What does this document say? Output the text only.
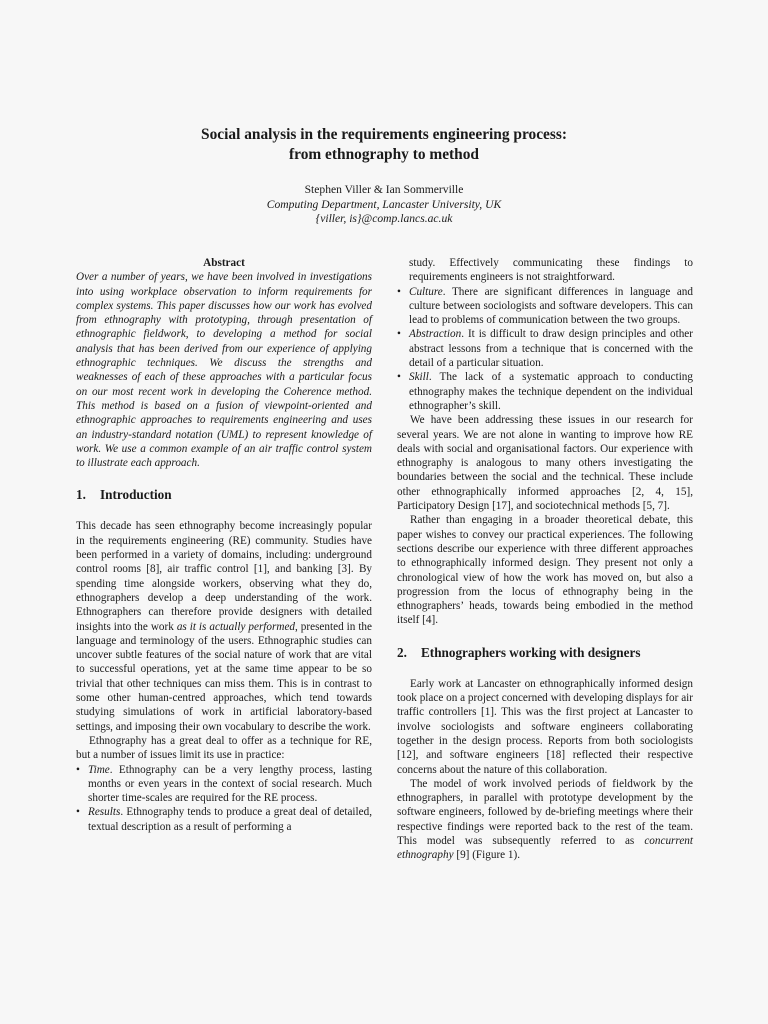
Social analysis in the requirements engineering process:
from ethnography to method
Stephen Viller & Ian Sommerville
Computing Department, Lancaster University, UK
{viller, is}@comp.lancs.ac.uk
Abstract

Over a number of years, we have been involved in investigations into using workplace observation to inform requirements for complex systems. This paper discusses how our work has evolved from ethnography with prototyping, through presentation of ethnographic fieldwork, to developing a method for social analysis that has been derived from our experience of applying ethnographic techniques. We discuss the strengths and weaknesses of each of these approaches with a particular focus on our most recent work in developing the Coherence method. This method is based on a fusion of viewpoint-oriented and ethnographic approaches to requirements engineering and uses an industry-standard notation (UML) to represent knowledge of work. We use a common example of an air traffic control system to illustrate each approach.

1. Introduction

This decade has seen ethnography become increasingly popular in the requirements engineering (RE) community. Studies have been performed in a variety of domains, including: underground control rooms [8], air traffic control [1], and banking [3]. By spending time alongside workers, observing what they do, ethnographers develop a deep understanding of the work. Ethnographers can therefore provide designers with detailed insights into the work as it is actually performed, presented in the language and terminology of the users. Ethnographic studies can uncover subtle features of the social nature of work that are vital to successful operations, yet at the same time appear to be so trivial that other techniques can miss them. This is in contrast to some other human-centred approaches, which tend towards studying simulations of work in artificial laboratory-based settings, and imposing their own vocabulary to describe the work.

Ethnography has a great deal to offer as a technique for RE, but a number of issues limit its use in practice:

• Time. Ethnography can be a very lengthy process, lasting months or even years in the context of social research. Much shorter time-scales are required for the RE process.
• Results. Ethnography tends to produce a great deal of detailed, textual description as a result of performing a
study. Effectively communicating these findings to requirements engineers is not straightforward.
• Culture. There are significant differences in language and culture between sociologists and software developers. This can lead to problems of communication between the two groups.
• Abstraction. It is difficult to draw design principles and other abstract lessons from a technique that is concerned with the detail of a particular situation.
• Skill. The lack of a systematic approach to conducting ethnography makes the technique dependent on the individual ethnographer’s skill.

We have been addressing these issues in our research for several years. We are not alone in wanting to improve how RE deals with social and organisational factors. Our experience with ethnography is analogous to many others investigating the boundaries between the social and the technical. These include other ethnographically informed approaches [2, 4, 15], Participatory Design [17], and sociotechnical methods [5, 7].

Rather than engaging in a broader theoretical debate, this paper wishes to convey our practical experiences. The following sections describe our experience with three different approaches to ethnographically informed design. They present not only a chronological view of how the work has moved on, but also a progression from the locus of ethnography being in the ethnographers’ heads, towards being embodied in the method itself [4].

2. Ethnographers working with designers

Early work at Lancaster on ethnographically informed design took place on a project concerned with developing displays for air traffic controllers [1]. This was the first project at Lancaster to involve sociologists and software engineers collaborating together in the design process. Reports from both sociologists [12], and software engineers [18] reflected their respective concerns about the nature of this collaboration.

The model of work involved periods of fieldwork by the ethnographers, in parallel with prototype development by the software engineers, followed by de-briefing meetings where their respective findings were reported back to the rest of the team. This model was subsequently referred to as concurrent ethnography [9] (Figure 1).
